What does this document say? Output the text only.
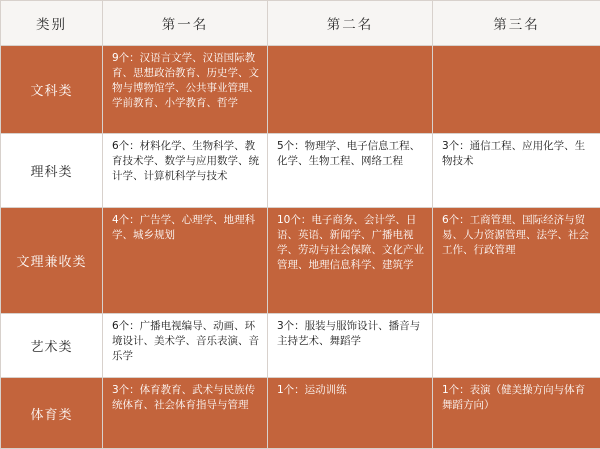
类别	第一名	第二名	第三名
文科类	9个：汉语言文学、汉语国际教育、思想政治教育、历史学、文物与博物馆学、公共事业管理、学前教育、小学教育、哲学		

理科类	6个：材料化学、生物科学、教育技术学、数学与应用数学、统计学、计算机科学与技术	5个：物理学、电子信息工程、化学、生物工程、网络工程	3个：通信工程、应用化学、生物技术

文理兼收类	4个：广告学、心理学、地理科学、城乡规划	10个：电子商务、会计学、日语、英语、新闻学、广播电视学、劳动与社会保障、文化产业管理、地理信息科学、建筑学	6个：工商管理、国际经济与贸易、人力资源管理、法学、社会工作、行政管理

艺术类	6个：广播电视编导、动画、环境设计、美术学、音乐表演、音乐学	3个：服装与服饰设计、播音与主持艺术、舞蹈学	

体育类	3个：体育教育、武术与民族传统体育、社会体育指导与管理	1个：运动训练	1个：表演（健美操方向与体育舞蹈方向）
